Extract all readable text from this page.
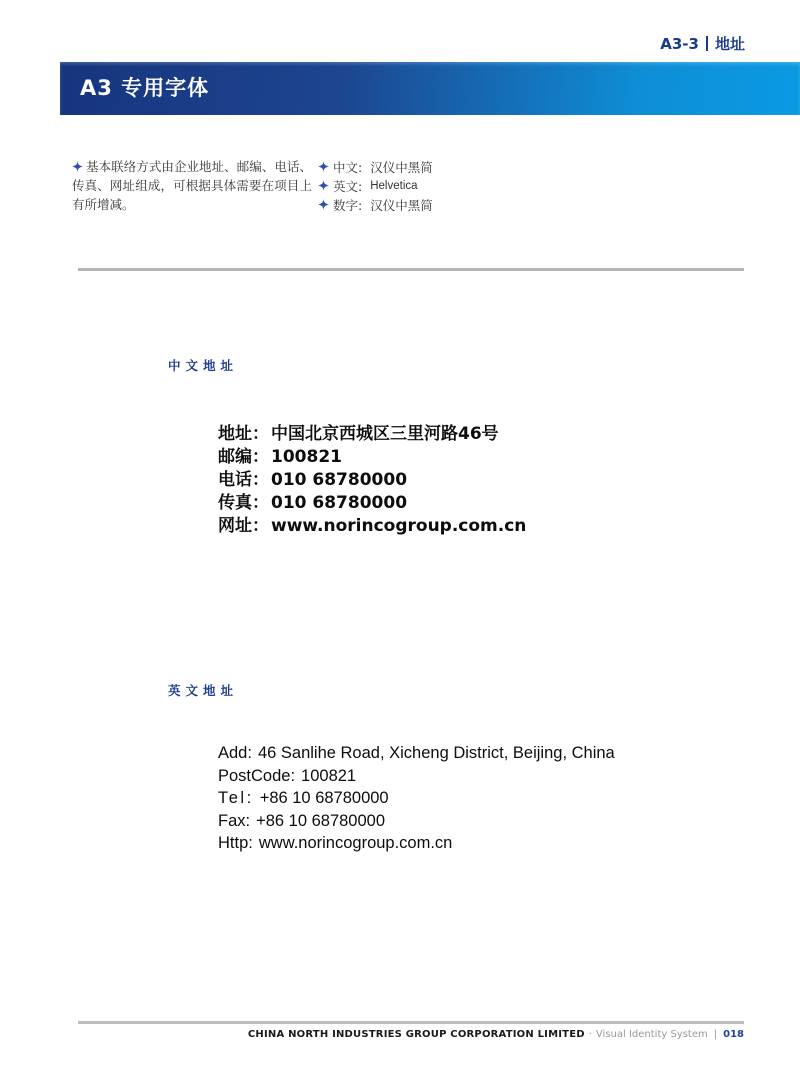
A3-3 地址
A3 专用字体
基本联络方式由企业地址、邮编、电话、传真、网址组成，可根据具体需要在项目上有所增减。
中文: 汉仪中黑简
英文: Helvetica
数字: 汉仪中黑简
中文地址
地址： 中国北京西城区三里河路46号
邮编： 100821
电话： 010 68780000
传真： 010 68780000
网址： www.norincogroup.com.cn
英文地址
Add: 46 Sanlihe Road, Xicheng District, Beijing, China
PostCode: 100821
Tel: +86 10 68780000
Fax: +86 10 68780000
Http: www.norincogroup.com.cn
CHINA NORTH INDUSTRIES GROUP CORPORATION LIMITED · Visual Identity System | 018
